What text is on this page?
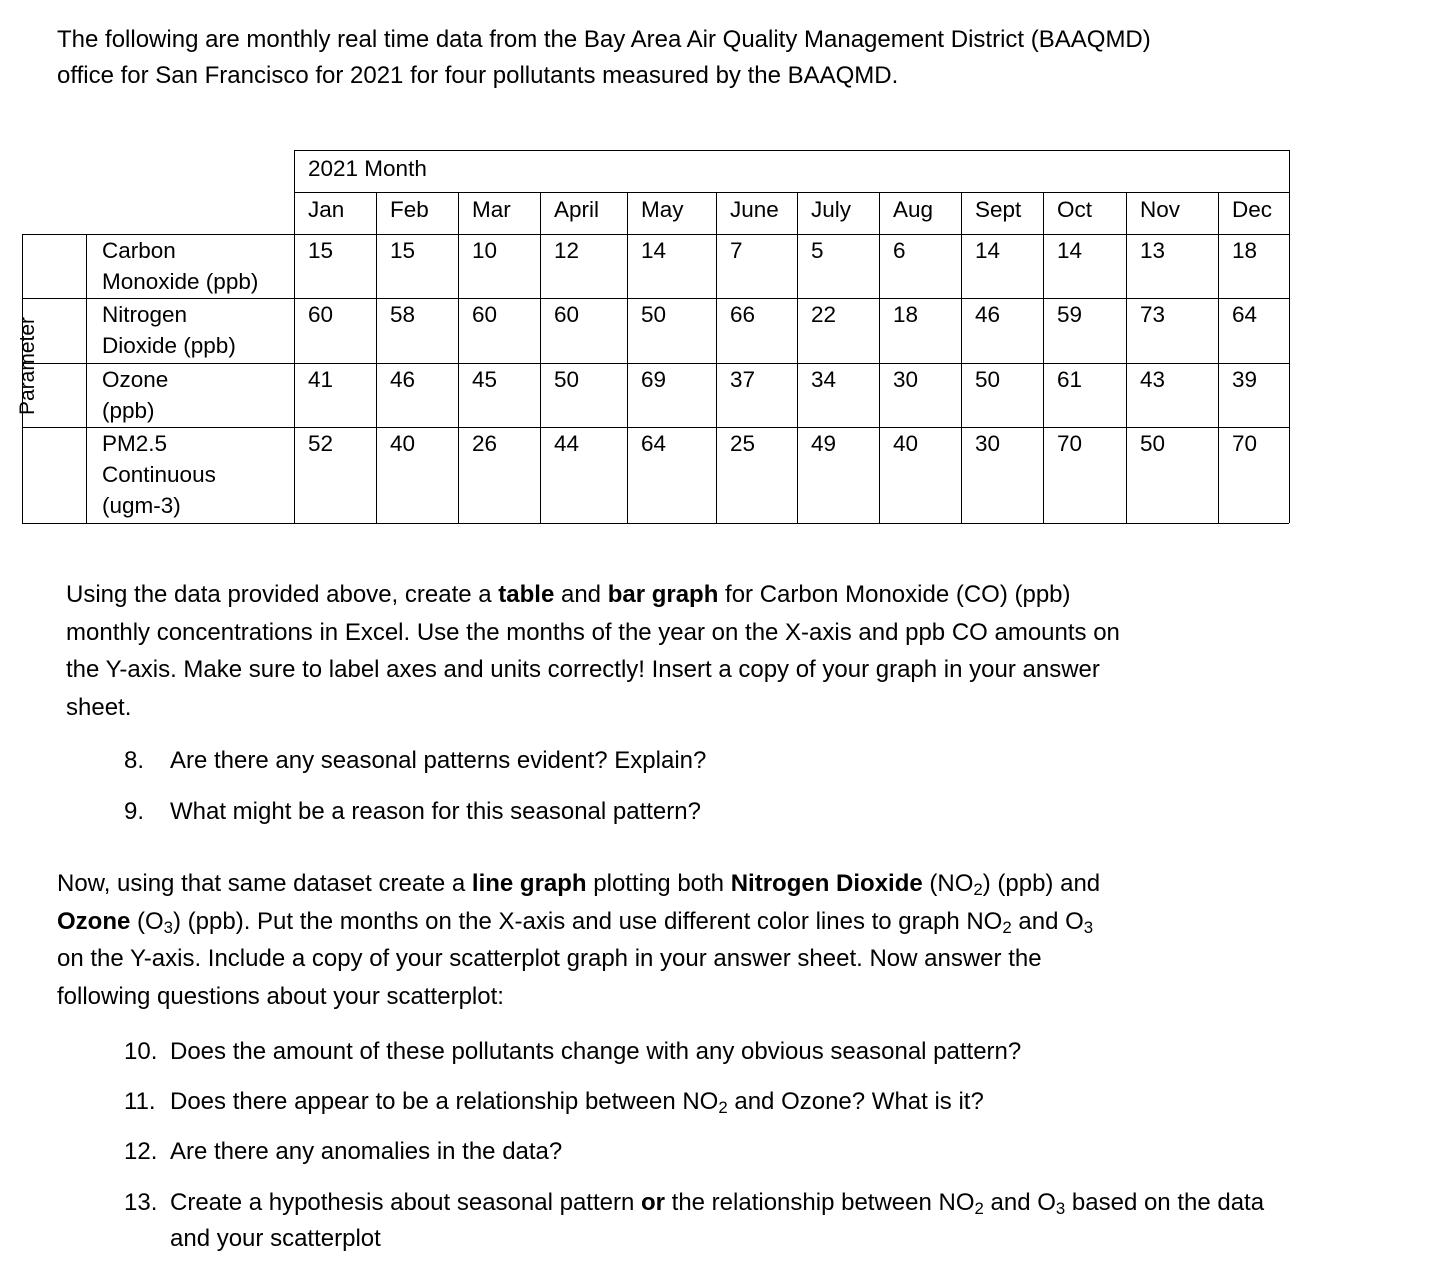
The following are monthly real time data from the Bay Area Air Quality Management District (BAAQMD)

office for San Francisco for 2021 for four pollutants measured by the BAAQMD.

2021 Month
Jan Feb Mar April May June July Aug Sept Oct Nov Dec
Carbon
Monoxide (ppb)
15	15	10	12	14	7	5	6	14	14	13	18
Nitrogen
Dioxide (ppb)
60	58	60	60	50	66 22	18	46	59	73	64
Ozone
(ppb)
41	46	45	50	69	37 34	30	50	61	43	39
PM2.5
Continuous
(ugm-3)
52	40	26	44	64	25 49	40	30	70	50	70
Parameter
Using the data provided above, create a table and bar graph for Carbon Monoxide (CO) (ppb)
monthly concentrations in Excel. Use the months of the year on the X-axis and ppb CO amounts on
the Y-axis. Make sure to label axes and units correctly! Insert a copy of your graph in your answer
sheet.
8. Are there any seasonal patterns evident? Explain?
9. What might be a reason for this seasonal pattern?
Now, using that same dataset create a line graph plotting both Nitrogen Dioxide $(NO_2)$ (ppb) and
Ozone $(O_3)$ (ppb). Put the months on the X-axis and use different color lines to graph $NO_2$ and $O_3$
on the Y-axis. Include a copy of your scatterplot graph in your answer sheet. Now answer the
following questions about your scatterplot:
10. Does the amount of these pollutants change with any obvious seasonal pattern?
11. Does there appear to be a relationship between $NO_2$ and Ozone? What is it?
12. Are there any anomalies in the data?
13. Create a hypothesis about seasonal pattern or the relationship between $NO_2$ and $O_3$ based on the data
and your scatterplot
